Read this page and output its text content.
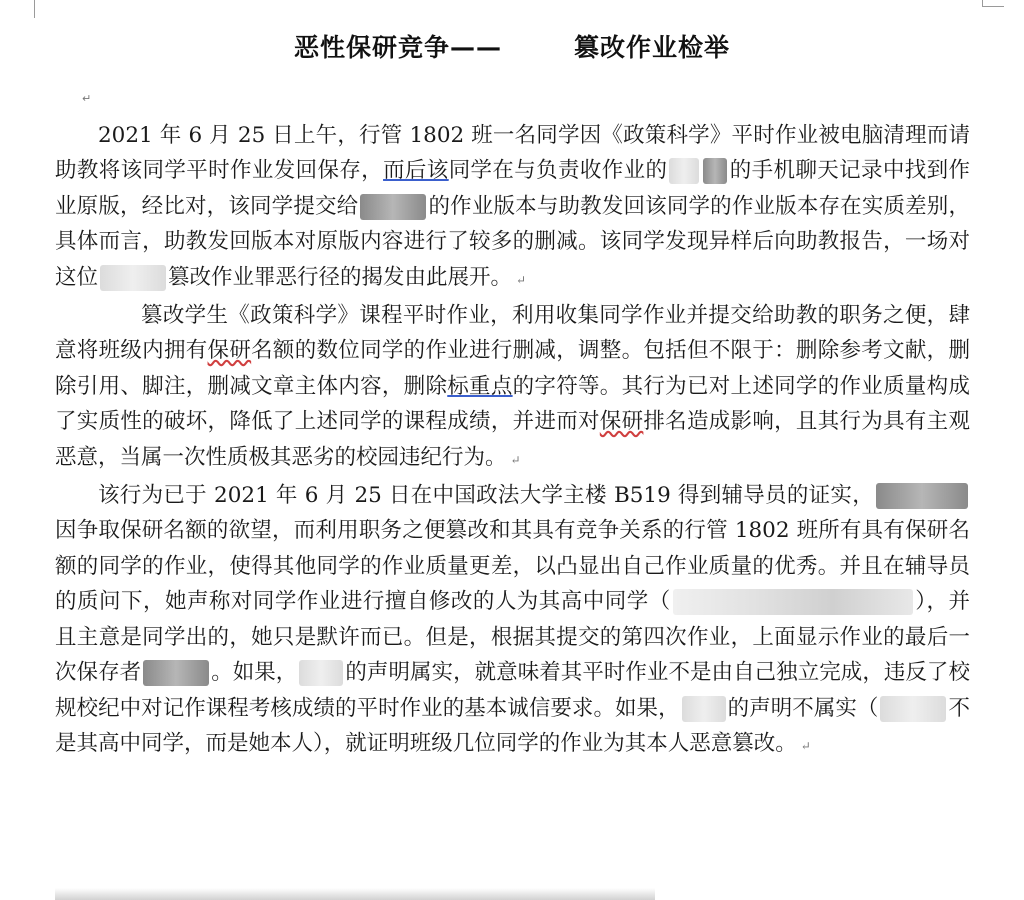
恶性保研竞争——	篡改作业检举
↵

2021 年 6 月 25 日上午，行管 1802 班一名同学因《政策科学》平时作业被电脑清理而请助教将该同学平时作业发回保存，而后该同学在与负责收作业的	的手机聊天记录中找到作业原版，经比对，该同学提交给	的作业版本与助教发回该同学的作业版本存在实质差别，具体而言，助教发回版本对原版内容进行了较多的删减。该同学发现异样后向助教报告，一场对这位	篡改作业罪恶行径的揭发由此展开。 ↵

篡改学生《政策科学》课程平时作业，利用收集同学作业并提交给助教的职务之便，肆意将班级内拥有保研名额的数位同学的作业进行删减，调整。包括但不限于：删除参考文献，删除引用、脚注，删减文章主体内容，删除标重点的字符等。其行为已对上述同学的作业质量构成了实质性的破坏，降低了上述同学的课程成绩，并进而对保研排名造成影响，且其行为具有主观恶意，当属一次性质极其恶劣的校园违纪行为。 ↵

该行为已于 2021 年 6 月 25 日在中国政法大学主楼 B519 得到辅导员的证实，因争取保研名额的欲望，而利用职务之便篡改和其具有竞争关系的行管 1802 班所有具有保研名额的同学的作业，使得其他同学的作业质量更差，以凸显出自己作业质量的优秀。并且在辅导员的质问下，她声称对同学作业进行擅自修改的人为其高中同学（	），并且主意是同学出的，她只是默许而已。但是，根据其提交的第四次作业，上面显示作业的最后一次保存者	。如果， 的声明属实，就意味着其平时作业不是由自己独立完成，违反了校规校纪中对记作课程考核成绩的平时作业的基本诚信要求。如果， 的声明不属实（	不是其高中同学，而是她本人），就证明班级几位同学的作业为其本人恶意篡改。 ↵
